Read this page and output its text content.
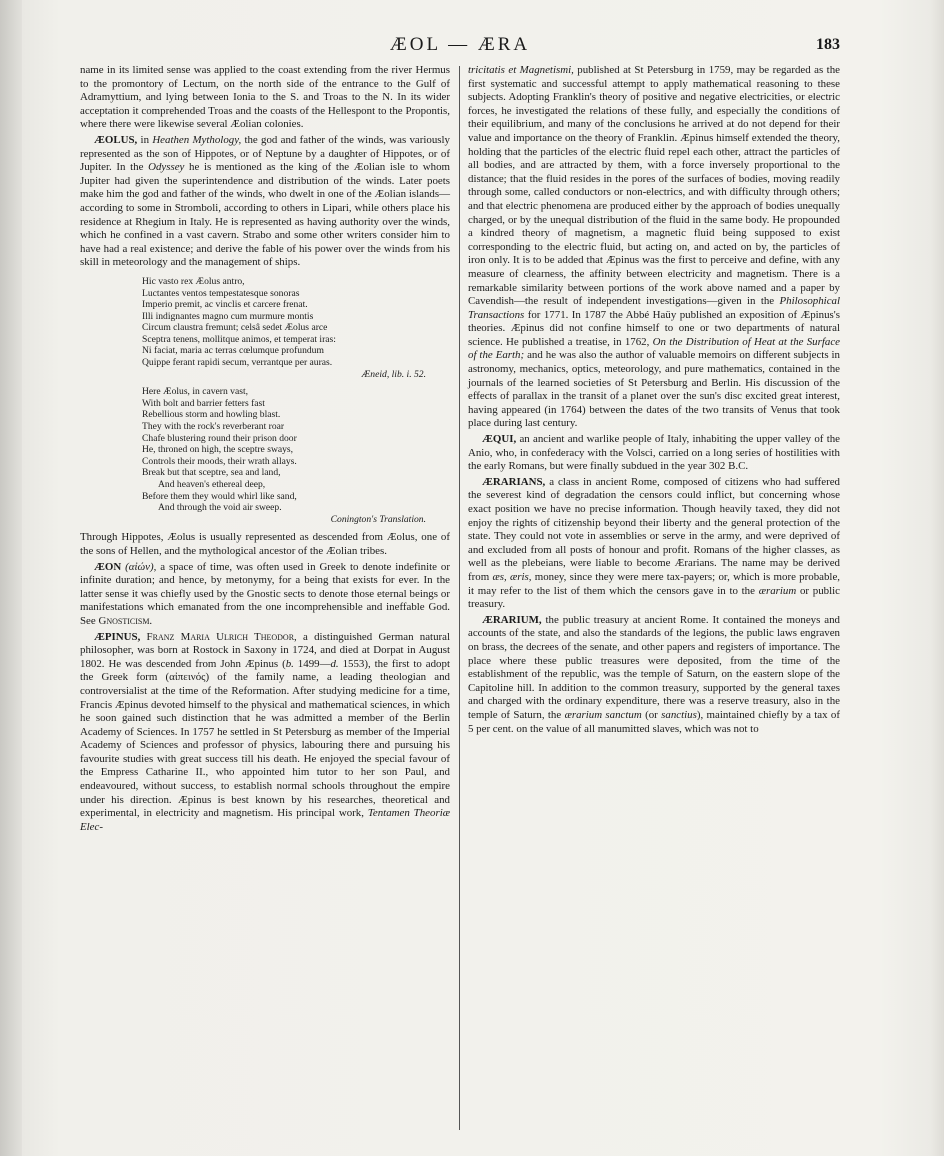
ÆOL — ÆRA	183

name in its limited sense was applied to the coast extending from the river Hermus to the promontory of Lectum, on the north side of the entrance to the Gulf of Adramyttium, and lying between Ionia to the S. and Troas to the N. In its wider acceptation it comprehended Troas and the coasts of the Hellespont to the Propontis, where there were likewise several Æolian colonies.

ÆOLUS, in Heathen Mythology, the god and father of the winds, was variously represented as the son of Hippotes, or of Neptune by a daughter of Hippotes, or of Jupiter. In the Odyssey he is mentioned as the king of the Æolian isle to whom Jupiter had given the superintendence and distribution of the winds. Later poets make him the god and father of the winds, who dwelt in one of the Æolian islands—according to some in Stromboli, according to others in Lipari, while others place his residence at Rhegium in Italy. He is represented as having authority over the winds, which he confined in a vast cavern. Strabo and some other writers consider him to have had a real existence; and derive the fable of his power over the winds from his skill in meteorology and the management of ships.

Hic vasto rex Æolus antro,
Luctantes ventos tempestatesque sonoras
Imperio premit, ac vinclis et carcere frenat.
Illi indignantes magno cum murmure montis
Circum claustra fremunt; celsâ sedet Æolus arce
Sceptra tenens, mollitque animos, et temperat iras:
Ni faciat, maria ac terras cœlumque profundum
Quippe ferant rapidi secum, verrantque per auras.
Æneid, lib. i. 52.
Here Æolus, in cavern vast,
With bolt and barrier fetters fast
Rebellious storm and howling blast.
They with the rock's reverberant roar
Chafe blustering round their prison door
He, throned on high, the sceptre sways,
Controls their moods, their wrath allays.
Break but that sceptre, sea and land,
And heaven's ethereal deep,
Before them they would whirl like sand,
And through the void air sweep.
Conington's Translation.

Through Hippotes, Æolus is usually represented as descended from Æolus, one of the sons of Hellen, and the mythological ancestor of the Æolian tribes.

ÆON (αἰών), a space of time, was often used in Greek to denote indefinite or infinite duration; and hence, by metonymy, for a being that exists for ever. In the latter sense it was chiefly used by the Gnostic sects to denote those eternal beings or manifestations which emanated from the one incomprehensible and ineffable God. See Gnosticism.

ÆPINUS, Franz Maria Ulrich Theodor, a distinguished German natural philosopher, was born at Rostock in Saxony in 1724, and died at Dorpat in August 1802. He was descended from John Æpinus (b. 1499—d. 1553), the first to adopt the Greek form (αἰπεινός) of the family name, a leading theologian and controversialist at the time of the Reformation. After studying medicine for a time, Francis Æpinus devoted himself to the physical and mathematical sciences, in which he soon gained such distinction that he was admitted a member of the Berlin Academy of Sciences. In 1757 he settled in St Petersburg as member of the Imperial Academy of Sciences and professor of physics, labouring there and pursuing his favourite studies with great success till his death. He enjoyed the special favour of the Empress Catharine II., who appointed him tutor to her son Paul, and endeavoured, without success, to establish normal schools throughout the empire under his direction. Æpinus is best known by his researches, theoretical and experimental, in electricity and magnetism. His principal work, Tentamen Theoriæ Elec-

tricitatis et Magnetismi, published at St Petersburg in 1759, may be regarded as the first systematic and successful attempt to apply mathematical reasoning to these subjects. Adopting Franklin's theory of positive and negative electricities, or electric forces, he investigated the relations of these fully, and especially the conditions of their equilibrium, and many of the conclusions he arrived at do not depend for their value and importance on the theory of Franklin. Æpinus himself extended the theory, holding that the particles of the electric fluid repel each other, attract the particles of all bodies, and are attracted by them, with a force inversely proportional to the distance; that the fluid resides in the pores of the surfaces of bodies, moving readily through some, called conductors or non-electrics, and with difficulty through others; and that electric phenomena are produced either by the approach of bodies unequally charged, or by the unequal distribution of the fluid in the same body. He propounded a kindred theory of magnetism, a magnetic fluid being supposed to exist corresponding to the electric fluid, but acting on, and acted on by, the particles of iron only. It is to be added that Æpinus was the first to perceive and define, with any measure of clearness, the affinity between electricity and magnetism. There is a remarkable similarity between portions of the work above named and a paper by Cavendish—the result of independent investigations—given in the Philosophical Transactions for 1771. In 1787 the Abbé Haüy published an exposition of Æpinus's theories. Æpinus did not confine himself to one or two departments of natural science. He published a treatise, in 1762, On the Distribution of Heat at the Surface of the Earth; and he was also the author of valuable memoirs on different subjects in astronomy, mechanics, optics, meteorology, and pure mathematics, contained in the journals of the learned societies of St Petersburg and Berlin. His discussion of the effects of parallax in the transit of a planet over the sun's disc excited great interest, having appeared (in 1764) between the dates of the two transits of Venus that took place during last century.

ÆQUI, an ancient and warlike people of Italy, inhabiting the upper valley of the Anio, who, in confederacy with the Volsci, carried on a long series of hostilities with the early Romans, but were finally subdued in the year 302 B.C.

ÆRARIANS, a class in ancient Rome, composed of citizens who had suffered the severest kind of degradation the censors could inflict, but concerning whose exact position we have no precise information. Though heavily taxed, they did not enjoy the rights of citizenship beyond their liberty and the general protection of the state. They could not vote in assemblies or serve in the army, and were deprived of and excluded from all posts of honour and profit. Romans of the higher classes, as well as the plebeians, were liable to become Ærarians. The name may be derived from æs, æris, money, since they were mere tax-payers; or, which is more probable, it may refer to the list of them which the censors gave in to the ærarium or public treasury.

ÆRARIUM, the public treasury at ancient Rome. It contained the moneys and accounts of the state, and also the standards of the legions, the public laws engraven on brass, the decrees of the senate, and other papers and registers of importance. The place where these public treasures were deposited, from the time of the establishment of the republic, was the temple of Saturn, on the eastern slope of the Capitoline hill. In addition to the common treasury, supported by the general taxes and charged with the ordinary expenditure, there was a reserve treasury, also in the temple of Saturn, the ærarium sanctum (or sanctius), maintained chiefly by a tax of 5 per cent. on the value of all manumitted slaves, which was not to
